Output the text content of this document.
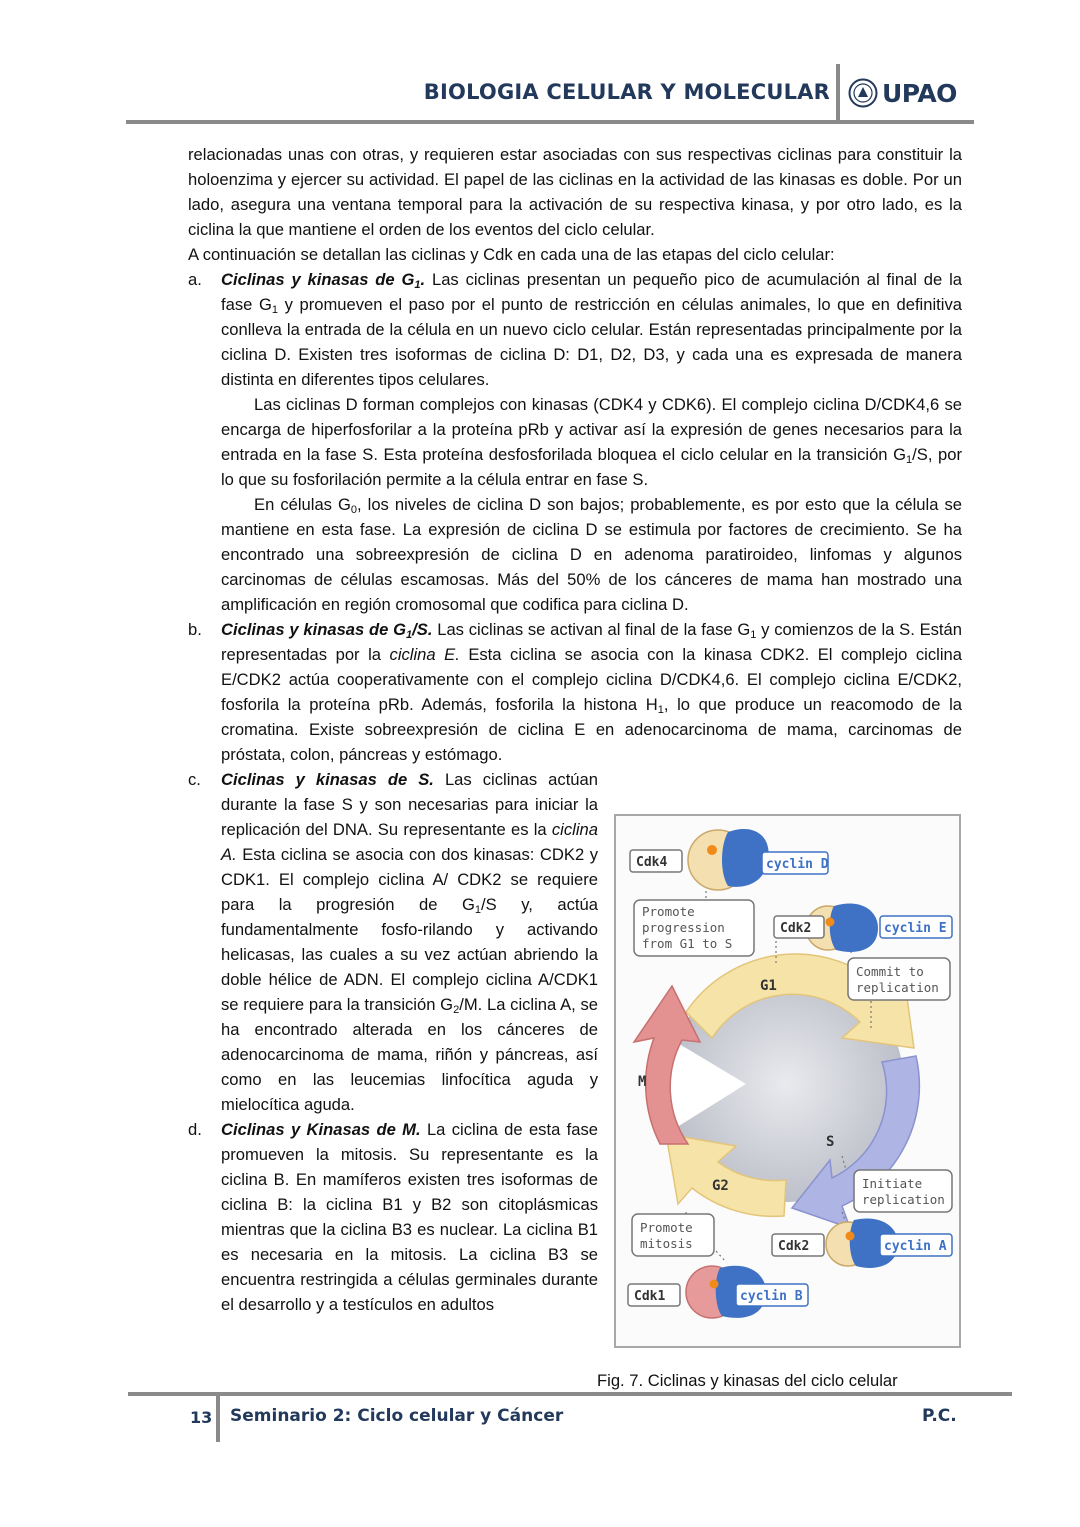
BIOLOGIA CELULAR Y MOLECULAR UPAO

relacionadas unas con otras, y requieren estar asociadas con sus respectivas ciclinas para constituir la holoenzima y ejercer su actividad. El papel de las ciclinas en la actividad de las kinasas es doble. Por un lado, asegura una ventana temporal para la activación de su respectiva kinasa, y por otro lado, es la ciclina la que mantiene el orden de los eventos del ciclo celular.

A continuación se detallan las ciclinas y Cdk en cada una de las etapas del ciclo celular:

a. Ciclinas y kinasas de $G_1$. Las ciclinas presentan un pequeño pico de acumulación al final de la fase $G_1$ y promueven el paso por el punto de restricción en células animales, lo que en definitiva conlleva la entrada de la célula en un nuevo ciclo celular. Están representadas principalmente por la ciclina D. Existen tres isoformas de ciclina D: D1, D2, D3, y cada una es expresada de manera distinta en diferentes tipos celulares.

Las ciclinas D forman complejos con kinasas (CDK4 y CDK6). El complejo ciclina D/CDK4,6 se encarga de hiperfosforilar a la proteína pRb y activar así la expresión de genes necesarios para la entrada en la fase S. Esta proteína desfosforilada bloquea el ciclo celular en la transición $G_1/S$, por lo que su fosforilación permite a la célula entrar en fase S.

En células $G_0$, los niveles de ciclina D son bajos; probablemente, es por esto que la célula se mantiene en esta fase. La expresión de ciclina D se estimula por factores de crecimiento. Se ha encontrado una sobreexpresión de ciclina D en adenoma paratiroideo, linfomas y algunos carcinomas de células escamosas. Más del 50% de los cánceres de mama han mostrado una amplificación en región cromosomal que codifica para ciclina D.

b. Ciclinas y kinasas de $G_1/S$. Las ciclinas se activan al final de la fase $G_1$ y comienzos de la S. Están representadas por la ciclina E. Esta ciclina se asocia con la kinasa CDK2. El complejo ciclina E/CDK2 actúa cooperativamente con el complejo ciclina D/CDK4,6. El complejo ciclina E/CDK2, fosforila la proteína pRb. Además, fosforila la histona $H_1$, lo que produce un reacomodo de la cromatina. Existe sobreexpresión de ciclina E en adenocarcinoma de mama, carcinomas de próstata, colon, páncreas y estómago.

c. Ciclinas y kinasas de S. Las ciclinas actúan durante la fase S y son necesarias para iniciar la replicación del DNA. Su representante es la ciclina A. Esta ciclina se asocia con dos kinasas: CDK2 y CDK1. El complejo ciclina A/ CDK2 se requiere para la progresión de $G_1/S$ y, actúa fundamentalmente fosfo-rilando y activando helicasas, las cuales a su vez actúan abriendo la doble hélice de ADN. El complejo ciclina A/CDK1 se requiere para la transición $G_2/M$. La ciclina A, se ha encontrado alterada en los cánceres de adenocarcinoma de mama, riñón y páncreas, así como en las leucemias linfocítica aguda y mielocítica aguda.

d. Ciclinas y Kinasas de M. La ciclina de esta fase promueven la mitosis. Su representante es la ciclina B. En mamíferos existen tres isoformas de ciclina B: la ciclina B1 y B2 son citoplásmicas mientras que la ciclina B3 es nuclear. La ciclina B1 es necesaria en la mitosis. La ciclina B3 se encuentra restringida a células germinales durante el desarrollo y a testículos en adultos

G1
S
G2
M
Cdk4	cyclin D
Promote
progression
from G1 to S
Cdk2	cyclin E
Commit to
replication
Initiate
replication
Cdk2	cyclin A
Promote
mitosis
Cdk1	cyclin B
Fig. 7. Ciclinas y kinasas del ciclo celular
13 Seminario 2: Ciclo celular y Cáncer	P.C.
